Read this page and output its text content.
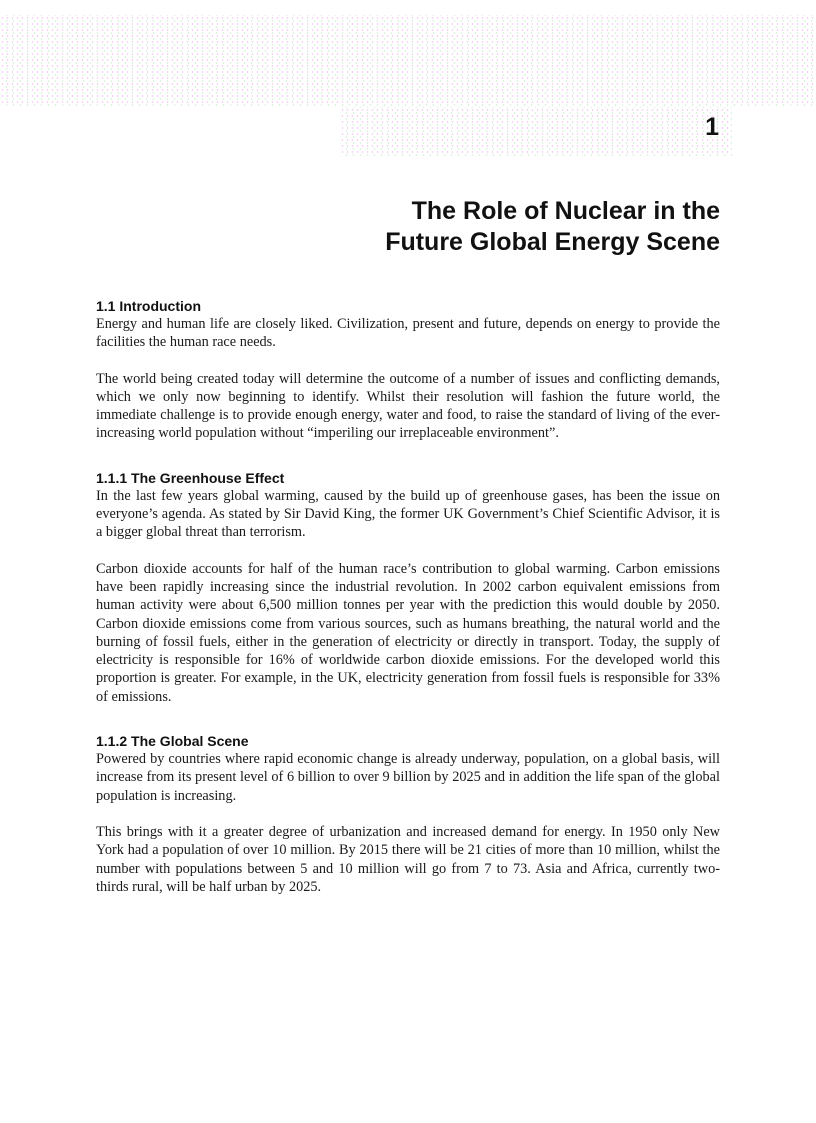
1
The Role of Nuclear in the
Future Global Energy Scene
1.1 Introduction

Energy and human life are closely liked. Civilization, present and future, depends on energy to provide the facilities the human race needs.

The world being created today will determine the outcome of a number of issues and conflicting demands, which we only now beginning to identify. Whilst their resolution will fashion the future world, the immediate challenge is to provide enough energy, water and food, to raise the standard of living of the ever-increasing world population without “imperiling our irreplaceable environment”.

1.1.1 The Greenhouse Effect

In the last few years global warming, caused by the build up of greenhouse gases, has been the issue on everyone’s agenda. As stated by Sir David King, the former UK Government’s Chief Scientific Advisor, it is a bigger global threat than terrorism.

Carbon dioxide accounts for half of the human race’s contribution to global warming. Carbon emissions have been rapidly increasing since the industrial revolution. In 2002 carbon equivalent emissions from human activity were about 6,500 million tonnes per year with the prediction this would double by 2050. Carbon dioxide emissions come from various sources, such as humans breathing, the natural world and the burning of fossil fuels, either in the generation of electricity or directly in transport. Today, the supply of electricity is responsible for 16% of worldwide carbon dioxide emissions. For the developed world this proportion is greater. For example, in the UK, electricity generation from fossil fuels is responsible for 33% of emissions.

1.1.2 The Global Scene

Powered by countries where rapid economic change is already underway, population, on a global basis, will increase from its present level of 6 billion to over 9 billion by 2025 and in addition the life span of the global population is increasing.

This brings with it a greater degree of urbanization and increased demand for energy. In 1950 only New York had a population of over 10 million. By 2015 there will be 21 cities of more than 10 million, whilst the number with populations between 5 and 10 million will go from 7 to 73. Asia and Africa, currently two-thirds rural, will be half urban by 2025.
